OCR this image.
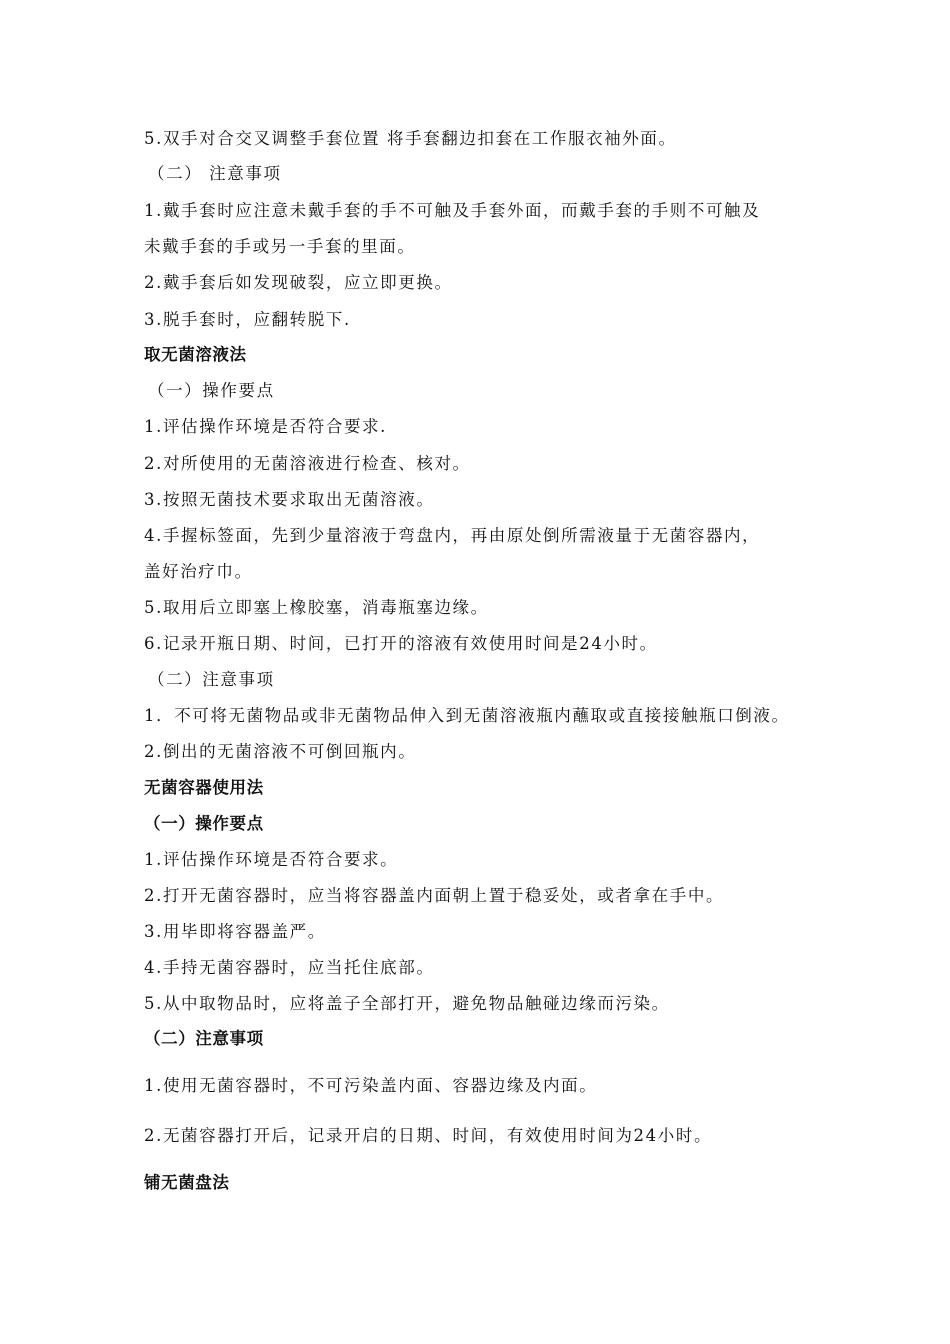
5.双手对合交叉调整手套位置 将手套翻边扣套在工作服衣袖外面。

（二） 注意事项

1.戴手套时应注意未戴手套的手不可触及手套外面，而戴手套的手则不可触及

未戴手套的手或另一手套的里面。

2.戴手套后如发现破裂，应立即更换。

3.脱手套时，应翻转脱下.

取无菌溶液法

（一）操作要点

1.评估操作环境是否符合要求.

2.对所使用的无菌溶液进行检查、核对。

3.按照无菌技术要求取出无菌溶液。

4.手握标签面，先到少量溶液于弯盘内，再由原处倒所需液量于无菌容器内，

盖好治疗巾。

5.取用后立即塞上橡胶塞，消毒瓶塞边缘。

6.记录开瓶日期、时间，已打开的溶液有效使用时间是24小时。

（二）注意事项

1．不可将无菌物品或非无菌物品伸入到无菌溶液瓶内蘸取或直接接触瓶口倒液。

2.倒出的无菌溶液不可倒回瓶内。

无菌容器使用法

（一）操作要点

1.评估操作环境是否符合要求。

2.打开无菌容器时，应当将容器盖内面朝上置于稳妥处，或者拿在手中。

3.用毕即将容器盖严。

4.手持无菌容器时，应当托住底部。

5.从中取物品时，应将盖子全部打开，避免物品触碰边缘而污染。

（二）注意事项

1.使用无菌容器时，不可污染盖内面、容器边缘及内面。

2.无菌容器打开后，记录开启的日期、时间，有效使用时间为24小时。

铺无菌盘法
